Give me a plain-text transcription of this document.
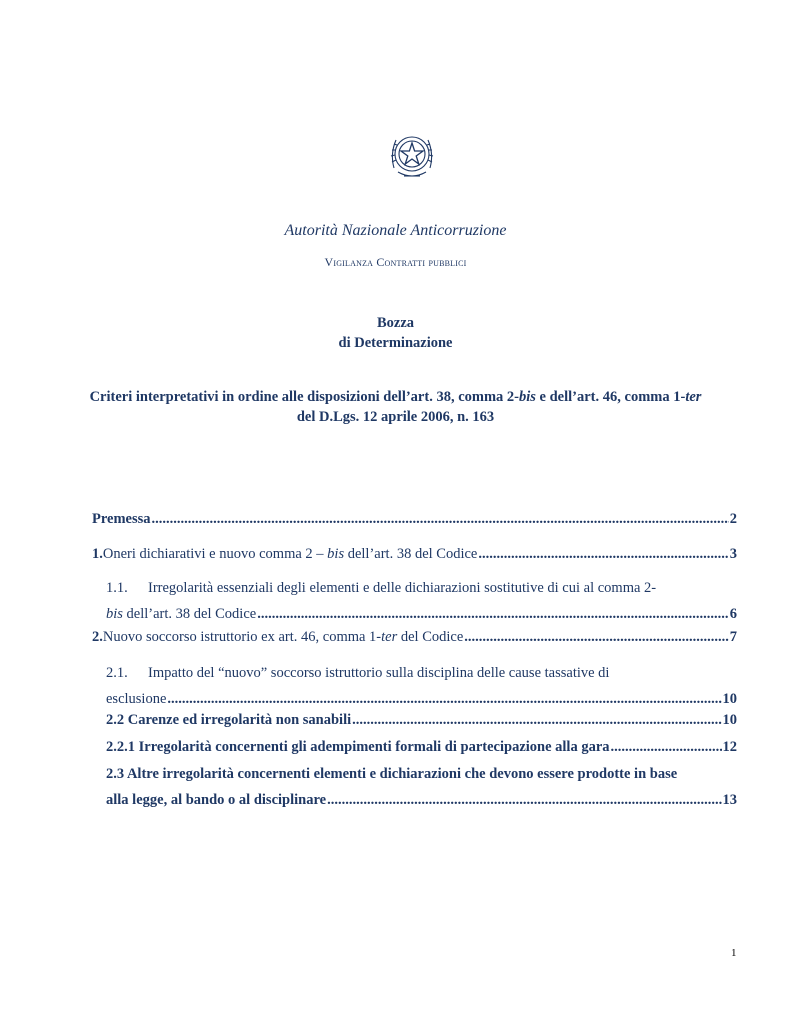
Autorità Nazionale Anticorruzione
Vigilanza Contratti pubblici
Bozza
di Determinazione
Criteri interpretativi in ordine alle disposizioni dell’art. 38, comma 2-bis e dell’art. 46, comma 1-ter
del D.Lgs. 12 aprile 2006, n. 163
Premessa .....	2
1. Oneri dichiarativi e nuovo comma 2 – bis dell’art. 38 del Codice .....	3
1.1.	Irregolarità essenziali degli elementi e delle dichiarazioni sostitutive di cui al comma 2-
bis dell’art. 38 del Codice .....	6
2. Nuovo soccorso istruttorio ex art. 46, comma 1-ter del Codice .....	7
2.1.	Impatto del “nuovo” soccorso istruttorio sulla disciplina delle cause tassative di
esclusione .....	10
2.2 Carenze ed irregolarità non sanabili .....	10
2.2.1 Irregolarità concernenti gli adempimenti formali di partecipazione alla gara .....	12
2.3 Altre irregolarità concernenti elementi e dichiarazioni che devono essere prodotte in base
alla legge, al bando o al disciplinare .....	13
1
